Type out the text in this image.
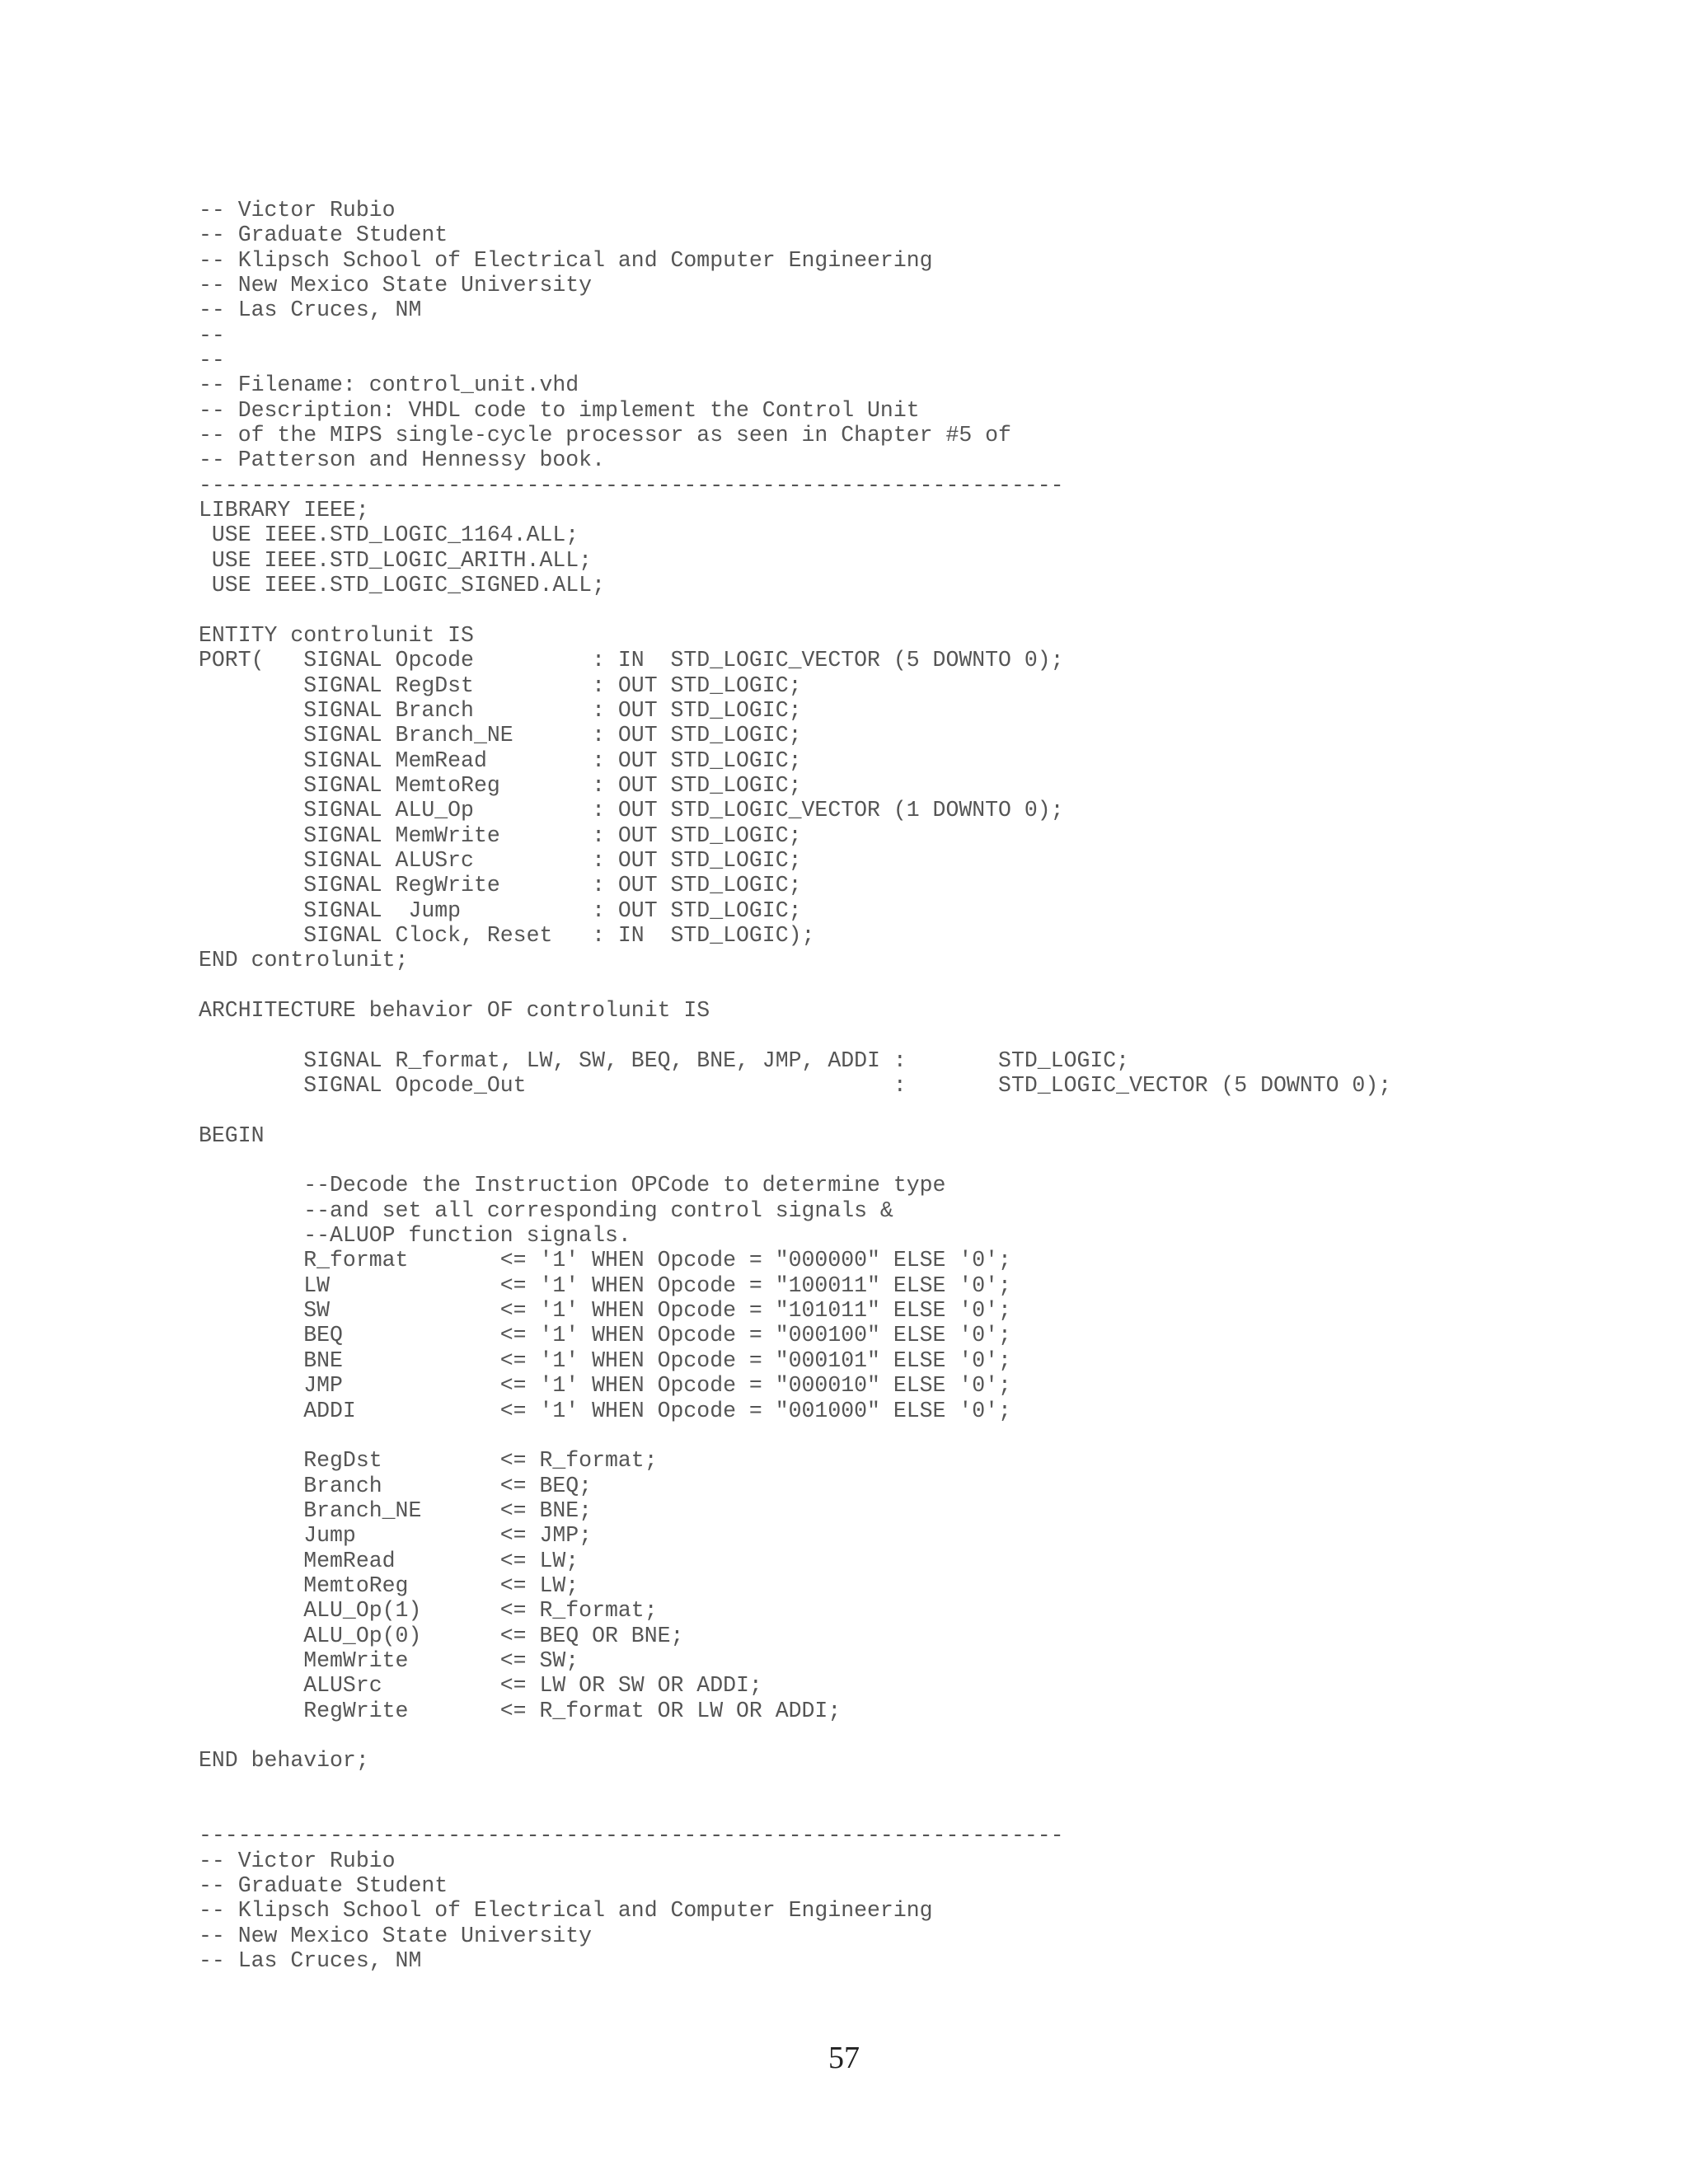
-- Victor Rubio
-- Graduate Student
-- Klipsch School of Electrical and Computer Engineering
-- New Mexico State University
-- Las Cruces, NM
--
--
-- Filename: control_unit.vhd
-- Description: VHDL code to implement the Control Unit
-- of the MIPS single-cycle processor as seen in Chapter #5 of
-- Patterson and Hennessy book.
------------------------------------------------------------------
LIBRARY IEEE;
USE IEEE.STD_LOGIC_1164.ALL;
USE IEEE.STD_LOGIC_ARITH.ALL;
USE IEEE.STD_LOGIC_SIGNED.ALL;
ENTITY controlunit IS
PORT(   SIGNAL Opcode         : IN  STD_LOGIC_VECTOR (5 DOWNTO 0);
SIGNAL RegDst         : OUT STD_LOGIC;
SIGNAL Branch         : OUT STD_LOGIC;
SIGNAL Branch_NE      : OUT STD_LOGIC;
SIGNAL MemRead        : OUT STD_LOGIC;
SIGNAL MemtoReg       : OUT STD_LOGIC;
SIGNAL ALU_Op         : OUT STD_LOGIC_VECTOR (1 DOWNTO 0);
SIGNAL MemWrite       : OUT STD_LOGIC;
SIGNAL ALUSrc         : OUT STD_LOGIC;
SIGNAL RegWrite       : OUT STD_LOGIC;
SIGNAL  Jump          : OUT STD_LOGIC;
SIGNAL Clock, Reset   : IN  STD_LOGIC);
END controlunit;
ARCHITECTURE behavior OF controlunit IS
SIGNAL R_format, LW, SW, BEQ, BNE, JMP, ADDI :       STD_LOGIC;
SIGNAL Opcode_Out                            :       STD_LOGIC_VECTOR (5 DOWNTO 0);
BEGIN
--Decode the Instruction OPCode to determine type
--and set all corresponding control signals &
--ALUOP function signals.
R_format       <= '1' WHEN Opcode = "000000" ELSE '0';
LW             <= '1' WHEN Opcode = "100011" ELSE '0';
SW             <= '1' WHEN Opcode = "101011" ELSE '0';
BEQ            <= '1' WHEN Opcode = "000100" ELSE '0';
BNE            <= '1' WHEN Opcode = "000101" ELSE '0';
JMP            <= '1' WHEN Opcode = "000010" ELSE '0';
ADDI           <= '1' WHEN Opcode = "001000" ELSE '0';
RegDst         <= R_format;
Branch         <= BEQ;
Branch_NE      <= BNE;
Jump           <= JMP;
MemRead        <= LW;
MemtoReg       <= LW;
ALU_Op(1)      <= R_format;
ALU_Op(0)      <= BEQ OR BNE;
MemWrite       <= SW;
ALUSrc         <= LW OR SW OR ADDI;
RegWrite       <= R_format OR LW OR ADDI;
END behavior;
------------------------------------------------------------------
-- Victor Rubio
-- Graduate Student
-- Klipsch School of Electrical and Computer Engineering
-- New Mexico State University
-- Las Cruces, NM
57
